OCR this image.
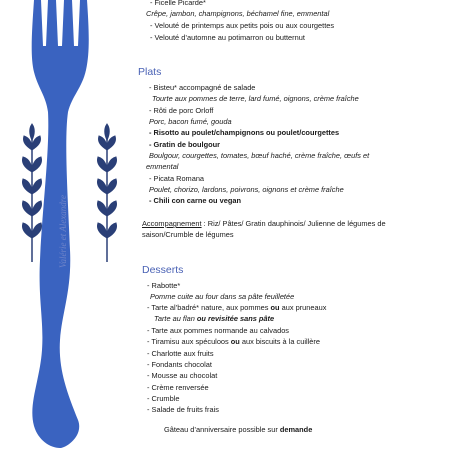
Valérie et Alexandre
- Ficelle Picarde*
Crêpe, jambon, champignons, béchamel fine, emmental
- Velouté de printemps aux petits pois ou aux courgettes
- Velouté d’automne au potimarron ou butternut
Plats
- Bisteu* accompagné de salade
Tourte aux pommes de terre, lard fumé, oignons, crème fraîche
- Rôti de porc Orloff
Porc, bacon fumé, gouda
- Risotto au poulet/champignons ou poulet/courgettes
- Gratin de boulgour
Boulgour, courgettes, tomates, bœuf haché, crème fraîche, œufs et
emmental
- Picata Romana
Poulet, chorizo, lardons, poivrons, oignons et crème fraîche
- Chili con carne ou vegan
Accompagnement : Riz/ Pâtes/ Gratin dauphinois/ Julienne de légumes de
saison/Crumble de légumes
Desserts
- Rabotte*
Pomme cuite au four dans sa pâte feuilletée
- Tarte al’badré* nature, aux pommes ou aux pruneaux
Tarte au flan ou revisitée sans pâte
- Tarte aux pommes normande au calvados
- Tiramisu aux spéculoos ou aux biscuits à la cuillère
- Charlotte aux fruits
- Fondants chocolat
- Mousse au chocolat
- Crème renversée
- Crumble
- Salade de fruits frais
Gâteau d’anniversaire possible sur demande
